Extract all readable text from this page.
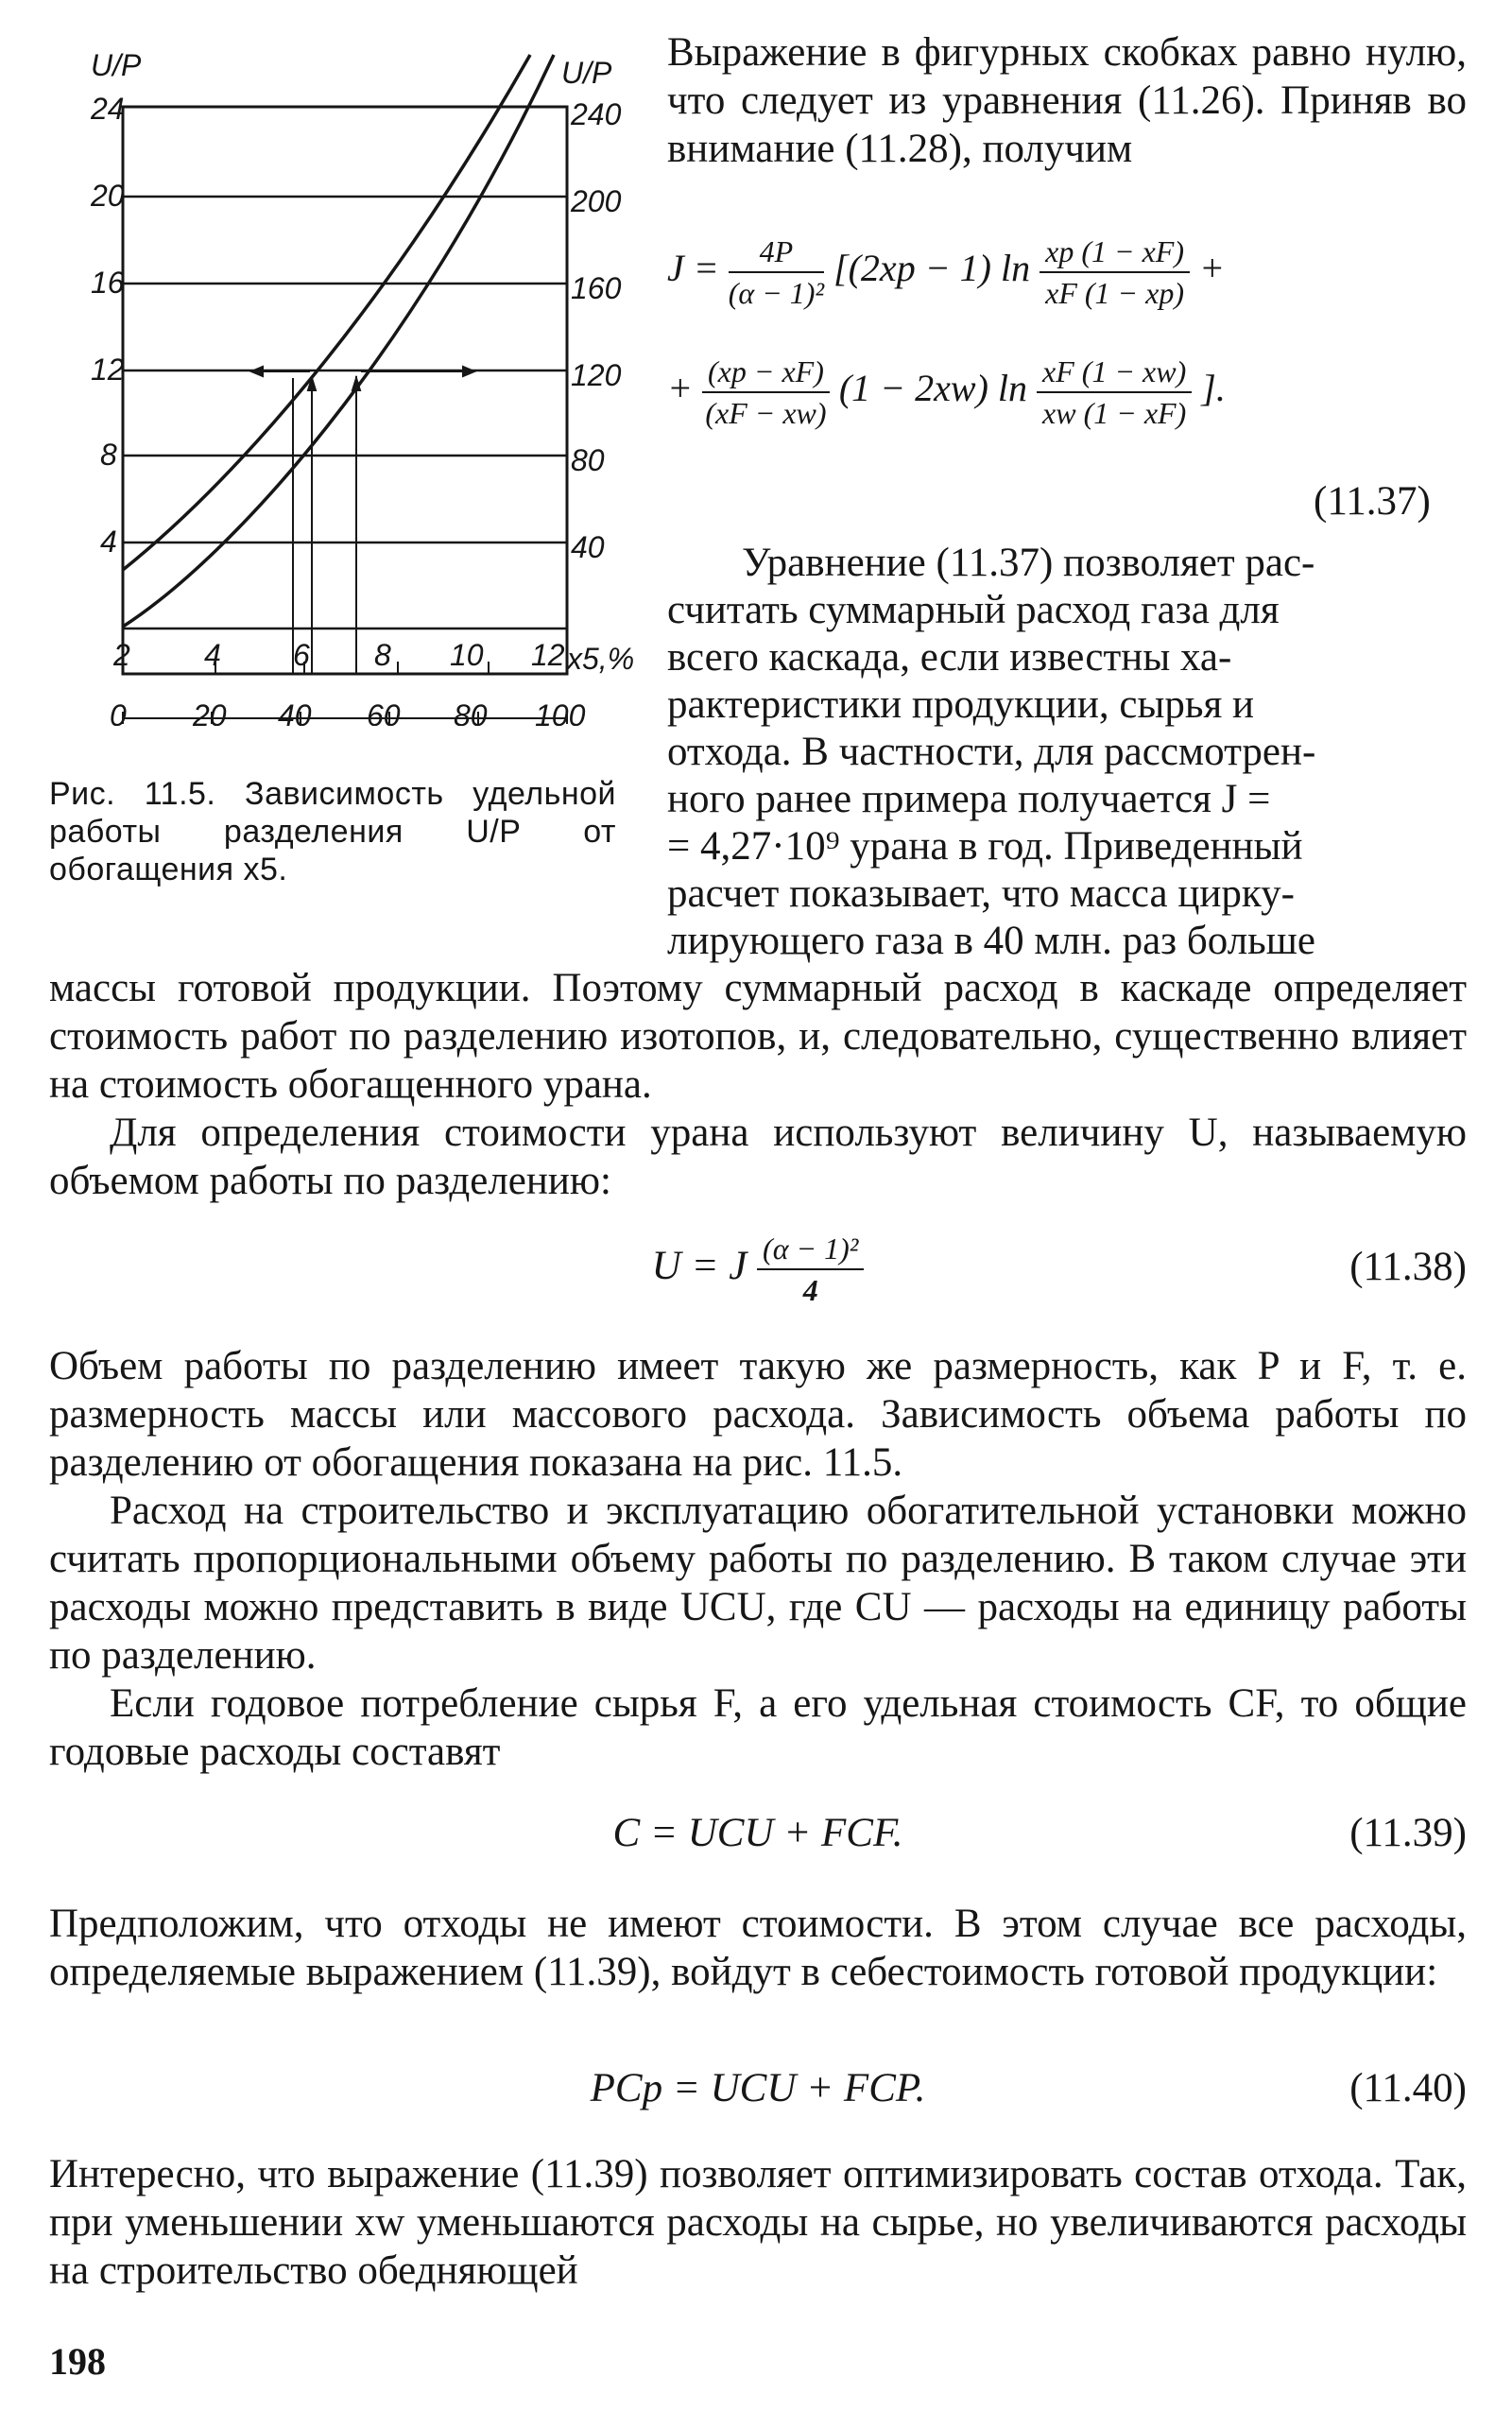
U/P	U/P
24
20
16
12
8
4
240
200
160
120
80
40
2 4 6 8 10 12 x5,%
0 20 40 60 80 100
Рис. 11.5. Зависимость удельной работы разделения U/P от обогащения x5.

Выражение в фигурных скобках равно нулю, что следует из уравнения (11.26). Приняв во внимание (11.28), получим

$J = \frac{4P}{\text{(α − 1)²}} [(2xp - 1)$ $\ln \frac{xp (1 - xF)}{xF (1 - xp)}$ +
+ $\frac{(xp - xF)}{(xF - xw)} (1 - 2xw)$ $\ln \frac{xF (1 - xw)}{xw (1 - xF)}$ ].
(11.37)
Уравнение (11.37) позволяет рас-
считать суммарный расход газа для
всего каскада, если известны ха-
рактеристики продукции, сырья и
отхода. В частности, для рассмотрен-
ного ранее примера получается J =
= 4,27·10⁹ урана в год. Приведенный
расчет показывает, что масса цирку-
лирующего газа в 40 млн. раз больше

массы готовой продукции. Поэтому суммарный расход в каскаде определяет стоимость работ по разделению изотопов, и, следовательно, существенно влияет на стоимость обогащенного урана.

Для определения стоимости урана используют величину U, называемую объемом работы по разделению:

U = J $\frac{\text{(α − 1)²}}{4}$	(11.38)

Объем работы по разделению имеет такую же размерность, как P и F, т. е. размерность массы или массового расхода. Зависимость объема работы по разделению от обогащения показана на рис. 11.5.

Расход на строительство и эксплуатацию обогатительной установки можно считать пропорциональными объему работы по разделению. В таком случае эти расходы можно представить в виде UCU, где CU — расходы на единицу работы по разделению.

Если годовое потребление сырья F, а его удельная стоимость CF, то общие годовые расходы составят

C = UCU + FCF.	(11.39)

Предположим, что отходы не имеют стоимости. В этом случае все расходы, определяемые выражением (11.39), войдут в себестоимость готовой продукции:

PCp = UCU + FCP.	(11.40)

Интересно, что выражение (11.39) позволяет оптимизировать состав отхода. Так, при уменьшении xw уменьшаются расходы на сырье, но увеличиваются расходы на строительство обедняющей

198
